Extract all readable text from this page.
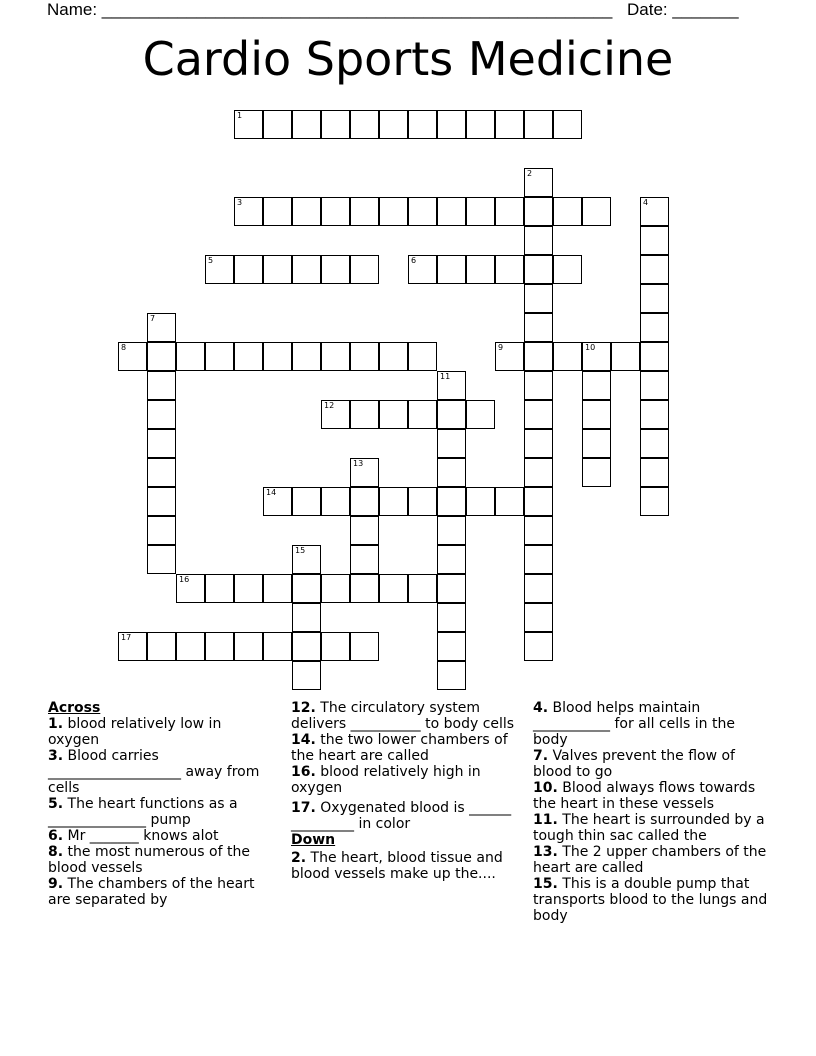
Name: ______________________________________________________ Date: _______
Cardio Sports Medicine
1
2
3	4
5	6
7
8	9	10
11
12
13
14
15
16
17
Across
1. blood relatively low in oxygen
3. Blood carries ___________________ away from cells
5. The heart functions as a ______________ pump
6. Mr _______ knows alot
8. the most numerous of the blood vessels
9. The chambers of the heart are separated by
12. The circulatory system delivers __________ to body cells
14. the two lower chambers of the heart are called
16. blood relatively high in oxygen
17. Oxygenated blood is ______ _________ in color
Down
2. The heart, blood tissue and blood vessels make up the....
4. Blood helps maintain ___________ for all cells in the body
7. Valves prevent the flow of blood to go
10. Blood always flows towards the heart in these vessels
11. The heart is surrounded by a tough thin sac called the
13. The 2 upper chambers of the heart are called
15. This is a double pump that transports blood to the lungs and body
